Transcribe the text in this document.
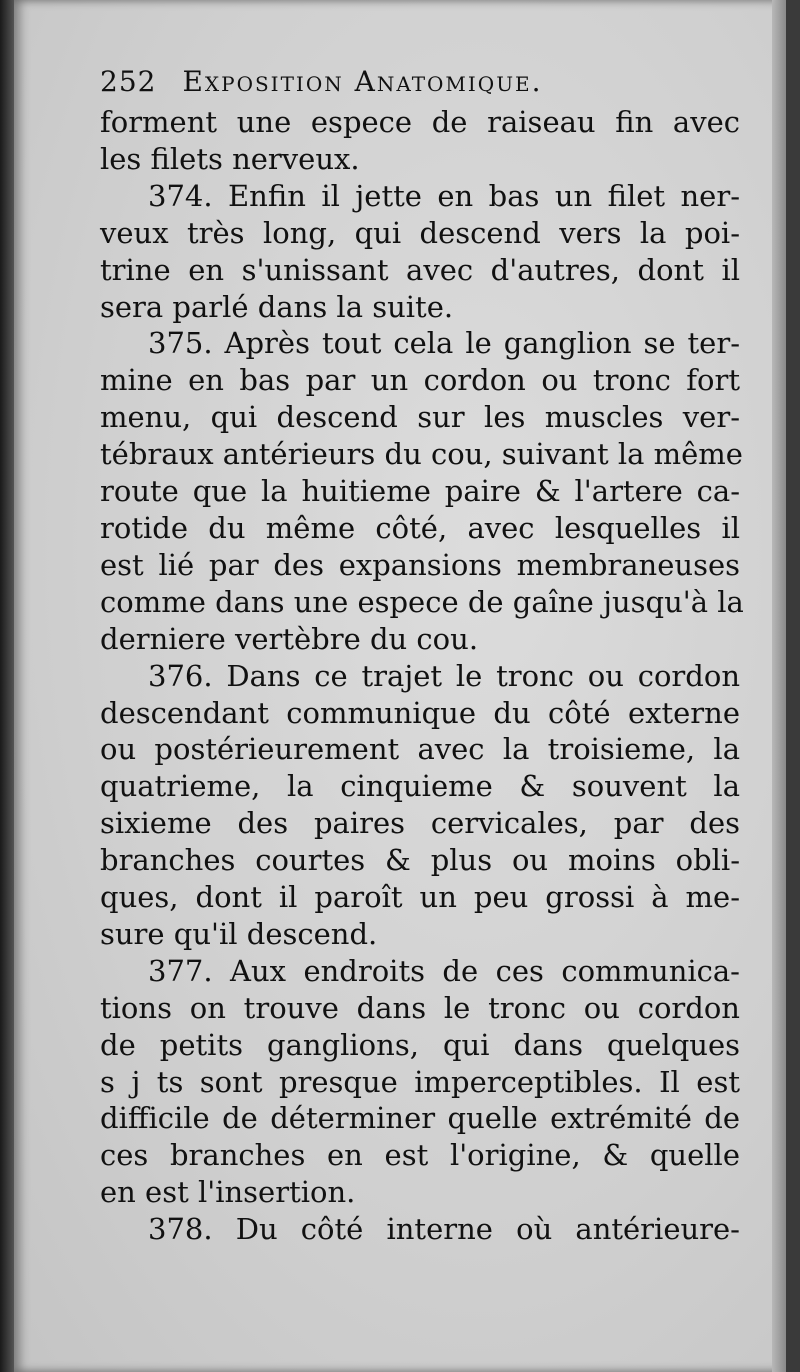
252 Exposition Anatomique.
forment une espece de raiseau fin avec
les filets nerveux.
374. Enfin il jette en bas un filet ner-
veux très long, qui descend vers la poi-
trine en s'unissant avec d'autres, dont il
sera parlé dans la suite.
375. Après tout cela le ganglion se ter-
mine en bas par un cordon ou tronc fort
menu, qui descend sur les muscles ver-
tébraux antérieurs du cou, suivant la même
route que la huitieme paire & l'artere ca-
rotide du même côté, avec lesquelles il
est lié par des expansions membraneuses
comme dans une espece de gaîne jusqu'à la
derniere vertèbre du cou.
376. Dans ce trajet le tronc ou cordon
descendant communique du côté externe
ou postérieurement avec la troisieme, la
quatrieme, la cinquieme & souvent la
sixieme des paires cervicales, par des
branches courtes & plus ou moins obli-
ques, dont il paroît un peu grossi à me-
sure qu'il descend.
377. Aux endroits de ces communica-
tions on trouve dans le tronc ou cordon
de petits ganglions, qui dans quelques
s j ts sont presque imperceptibles. Il est
difficile de déterminer quelle extrémité de
ces branches en est l'origine, & quelle
en est l'insertion.
378. Du côté interne où antérieure-
